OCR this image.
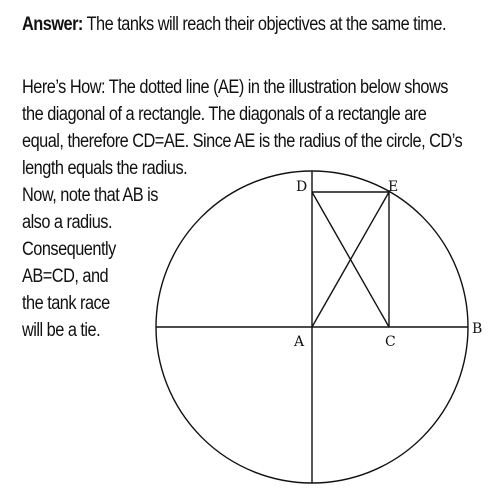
Answer: The tanks will reach their objectives at the same time.
Here’s How: The dotted line (AE) in the illustration below shows
the diagonal of a rectangle. The diagonals of a rectangle are
equal, therefore CD=AE. Since AE is the radius of the circle, CD’s
length equals the radius.
Now, note that AB is
also a radius.
Consequently
AB=CD, and
the tank race
will be a tie.
A
B
C
D	E
